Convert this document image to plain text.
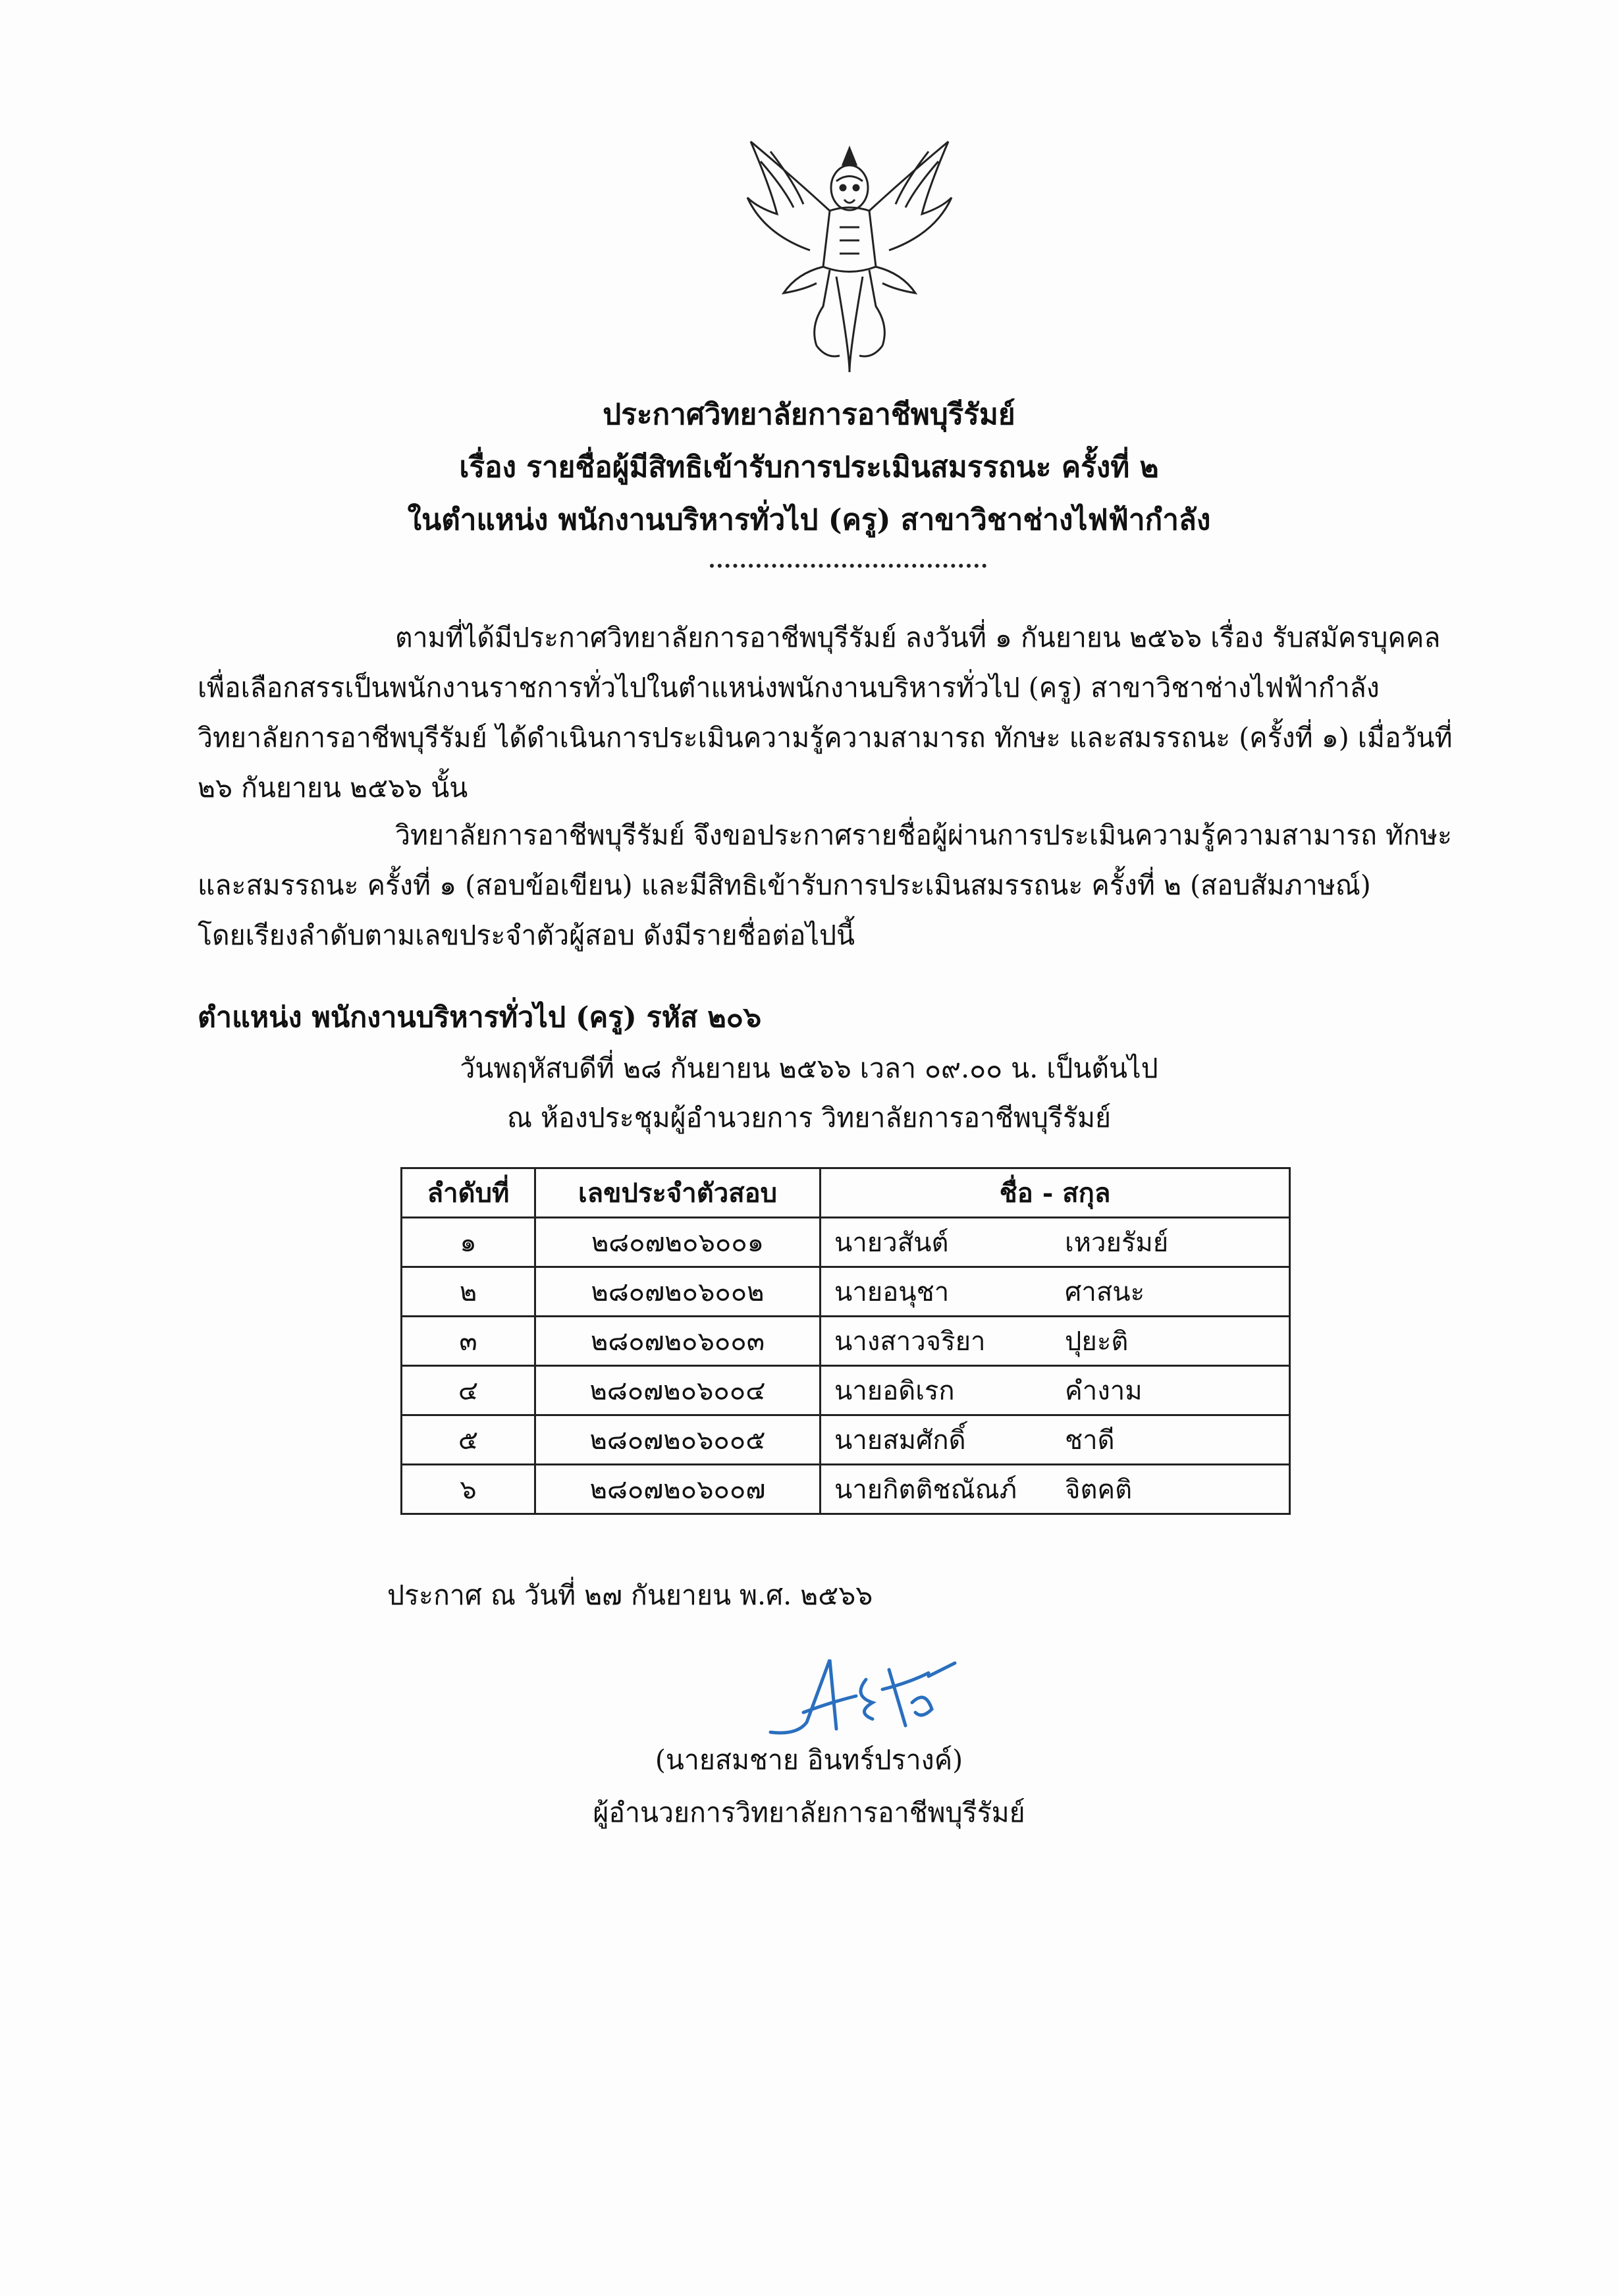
ประกาศวิทยาลัยการอาชีพบุรีรัมย์
เรื่อง รายชื่อผู้มีสิทธิเข้ารับการประเมินสมรรถนะ ครั้งที่ ๒
ในตำแหน่ง พนักงานบริหารทั่วไป (ครู) สาขาวิชาช่างไฟฟ้ากำลัง
ตามที่ได้มีประกาศวิทยาลัยการอาชีพบุรีรัมย์ ลงวันที่ ๑ กันยายน ๒๕๖๖ เรื่อง รับสมัครบุคคล
เพื่อเลือกสรรเป็นพนักงานราชการทั่วไปในตำแหน่งพนักงานบริหารทั่วไป (ครู) สาขาวิชาช่างไฟฟ้ากำลัง
วิทยาลัยการอาชีพบุรีรัมย์ ได้ดำเนินการประเมินความรู้ความสามารถ ทักษะ และสมรรถนะ (ครั้งที่ ๑) เมื่อวันที่
๒๖ กันยายน ๒๕๖๖ นั้น
วิทยาลัยการอาชีพบุรีรัมย์ จึงขอประกาศรายชื่อผู้ผ่านการประเมินความรู้ความสามารถ ทักษะ
และสมรรถนะ ครั้งที่ ๑ (สอบข้อเขียน) และมีสิทธิเข้ารับการประเมินสมรรถนะ ครั้งที่ ๒ (สอบสัมภาษณ์)
โดยเรียงลำดับตามเลขประจำตัวผู้สอบ ดังมีรายชื่อต่อไปนี้
ตำแหน่ง พนักงานบริหารทั่วไป (ครู) รหัส ๒๐๖
วันพฤหัสบดีที่ ๒๘ กันยายน ๒๕๖๖ เวลา ๐๙.๐๐ น. เป็นต้นไป
ณ ห้องประชุมผู้อำนวยการ วิทยาลัยการอาชีพบุรีรัมย์
ลำดับที่	เลขประจำตัวสอบ	ชื่อ - สกุล
๑	๒๘๐๗๒๐๖๐๐๑	นายวสันต์ เหวยรัมย์
๒	๒๘๐๗๒๐๖๐๐๒	นายอนุชา ศาสนะ
๓	๒๘๐๗๒๐๖๐๐๓	นางสาวจริยา ปุยะติ
๔	๒๘๐๗๒๐๖๐๐๔	นายอดิเรก คำงาม
๕	๒๘๐๗๒๐๖๐๐๕	นายสมศักดิ์ ชาดี
๖	๒๘๐๗๒๐๖๐๐๗	นายกิตติชณัณภ์ จิตคติ
ประกาศ ณ วันที่ ๒๗ กันยายน พ.ศ. ๒๕๖๖
(นายสมชาย อินทร์ปรางค์)
ผู้อำนวยการวิทยาลัยการอาชีพบุรีรัมย์
